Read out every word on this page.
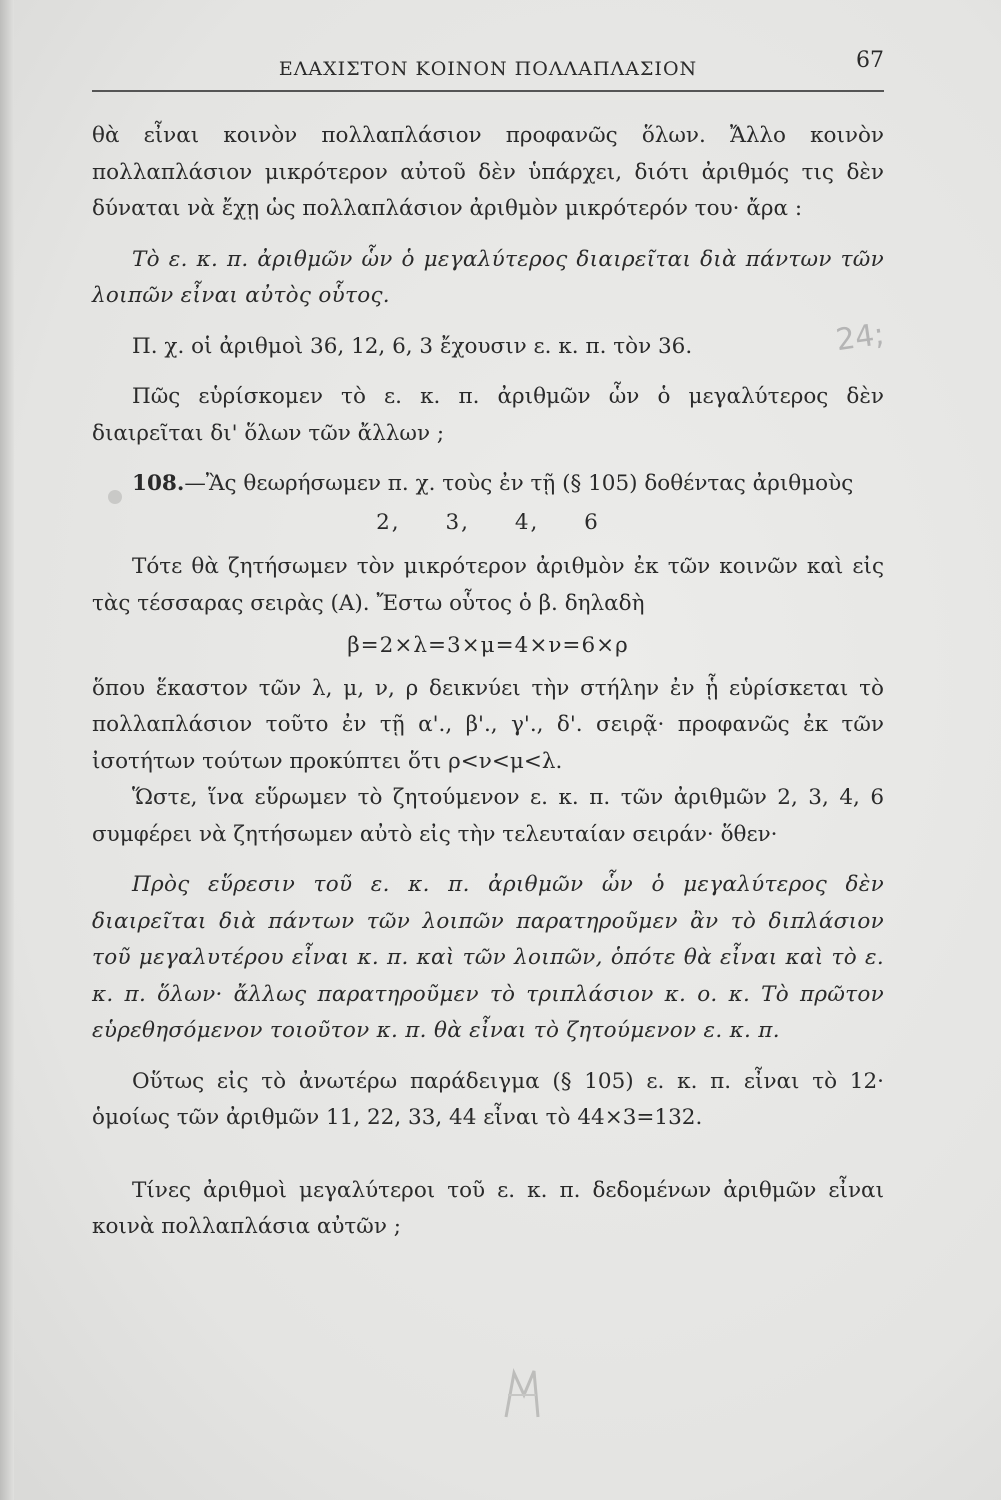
ΕΛΑΧΙΣΤΟΝ ΚΟΙΝΟΝ ΠΟΛΛΑΠΛΑΣΙΟΝ	67
24;

θὰ εἶναι κοινὸν πολλαπλάσιον προφανῶς ὅλων. Ἄλλο κοινὸν πολλαπλάσιον μικρότερον αὐτοῦ δὲν ὑπάρχει, διότι ἀριθμός τις δὲν δύναται νὰ ἔχῃ ὡς πολλαπλάσιον ἀριθμὸν μικρότερόν του· ἄρα :

Τὸ ε. κ. π. ἀριθμῶν ὧν ὁ μεγαλύτερος διαιρεῖται διὰ πάντων τῶν λοιπῶν εἶναι αὐτὸς οὗτος.

Π. χ. οἱ ἀριθμοὶ 36, 12, 6, 3 ἔχουσιν ε. κ. π. τὸν 36.

Πῶς εὑρίσκομεν τὸ ε. κ. π. ἀριθμῶν ὧν ὁ μεγαλύτερος δὲν διαιρεῖται δι' ὅλων τῶν ἄλλων ;

108.—Ἂς θεωρήσωμεν π. χ. τοὺς ἐν τῇ (§ 105) δοθέντας ἀριθμοὺς

2, 3, 4, 6

Τότε θὰ ζητήσωμεν τὸν μικρότερον ἀριθμὸν ἐκ τῶν κοινῶν καὶ εἰς τὰς τέσσαρας σειρὰς (Α). Ἔστω οὗτος ὁ β. δηλαδὴ

β=2×λ=3×μ=4×ν=6×ρ

ὅπου ἕκαστον τῶν λ, μ, ν, ρ δεικνύει τὴν στήλην ἐν ᾗ εὑρίσκεται τὸ πολλαπλάσιον τοῦτο ἐν τῇ α'., β'., γ'., δ'. σειρᾷ· προφανῶς ἐκ τῶν ἰσοτήτων τούτων προκύπτει ὅτι ρ<ν<μ<λ.

Ὥστε, ἵνα εὕρωμεν τὸ ζητούμενον ε. κ. π. τῶν ἀριθμῶν 2, 3, 4, 6 συμφέρει νὰ ζητήσωμεν αὐτὸ εἰς τὴν τελευταίαν σειράν· ὅθεν·

Πρὸς εὕρεσιν τοῦ ε. κ. π. ἀριθμῶν ὧν ὁ μεγαλύτερος δὲν διαιρεῖται διὰ πάντων τῶν λοιπῶν παρατηροῦμεν ἂν τὸ διπλάσιον τοῦ μεγαλυτέρου εἶναι κ. π. καὶ τῶν λοιπῶν, ὁπότε θὰ εἶναι καὶ τὸ ε. κ. π. ὅλων· ἄλλως παρατηροῦμεν τὸ τριπλάσιον κ. ο. κ. Τὸ πρῶτον εὑρεθησόμενον τοιοῦτον κ. π. θὰ εἶναι τὸ ζητούμενον ε. κ. π.

Οὕτως εἰς τὸ ἀνωτέρω παράδειγμα (§ 105) ε. κ. π. εἶναι τὸ 12· ὁμοίως τῶν ἀριθμῶν 11, 22, 33, 44 εἶναι τὸ 44×3=132.

Τίνες ἀριθμοὶ μεγαλύτεροι τοῦ ε. κ. π. δεδομένων ἀριθμῶν εἶναι κοινὰ πολλαπλάσια αὐτῶν ;
